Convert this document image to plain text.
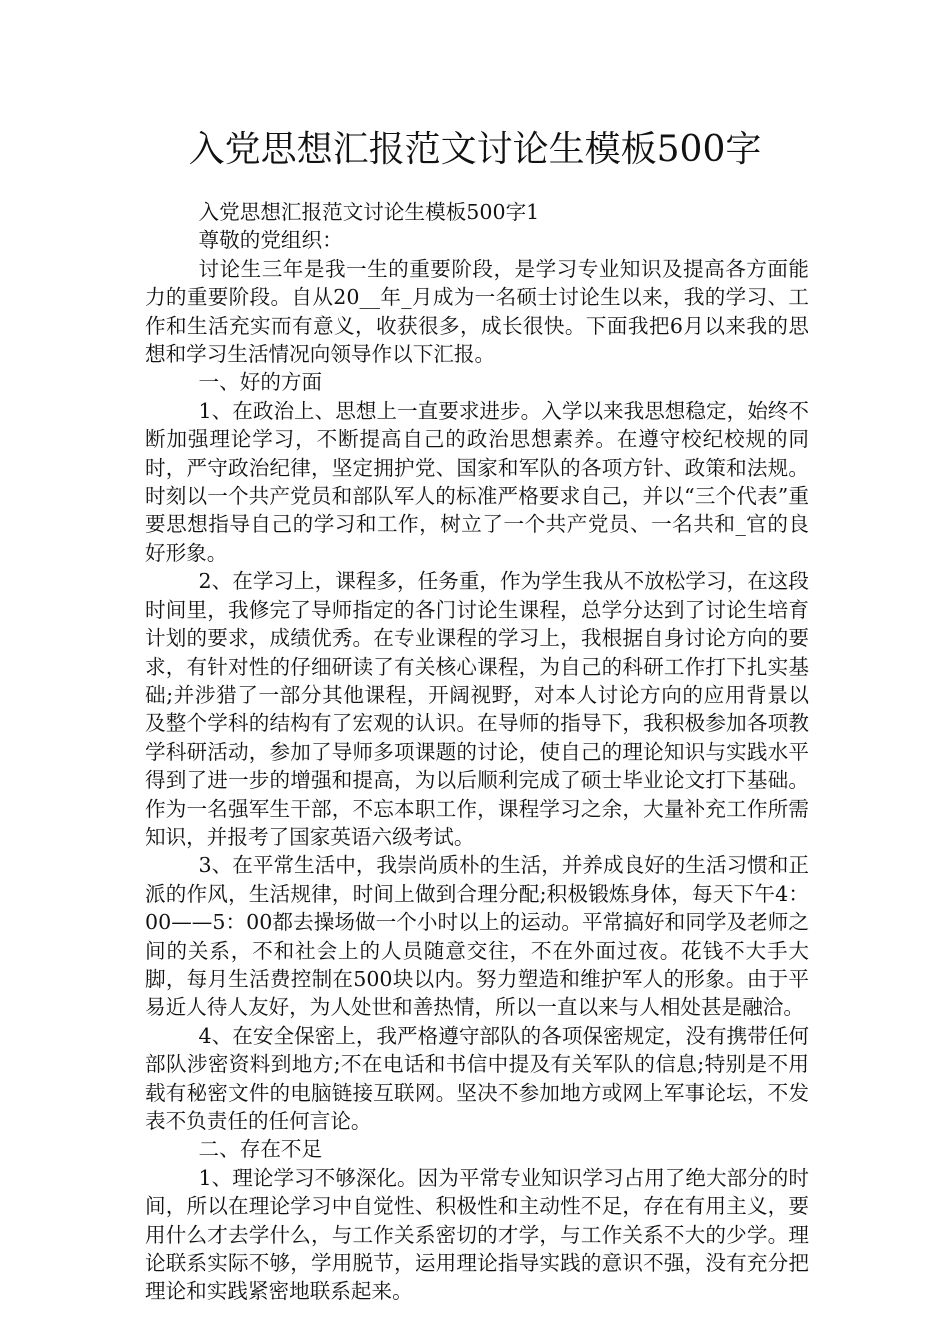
入党思想汇报范文讨论生模板500字

入党思想汇报范文讨论生模板500字1

尊敬的党组织：

讨论生三年是我一生的重要阶段，是学习专业知识及提高各方面能力的重要阶段。自从20__年_月成为一名硕士讨论生以来，我的学习、工作和生活充实而有意义，收获很多，成长很快。下面我把6月以来我的思想和学习生活情况向领导作以下汇报。

一、好的方面

1、在政治上、思想上一直要求进步。入学以来我思想稳定，始终不断加强理论学习，不断提高自己的政治思想素养。在遵守校纪校规的同时，严守政治纪律，坚定拥护党、国家和军队的各项方针、政策和法规。时刻以一个共产党员和部队军人的标准严格要求自己，并以“三个代表”重要思想指导自己的学习和工作，树立了一个共产党员、一名共和_官的良好形象。

2、在学习上，课程多，任务重，作为学生我从不放松学习，在这段时间里，我修完了导师指定的各门讨论生课程，总学分达到了讨论生培育计划的要求，成绩优秀。在专业课程的学习上，我根据自身讨论方向的要求，有针对性的仔细研读了有关核心课程，为自己的科研工作打下扎实基础;并涉猎了一部分其他课程，开阔视野，对本人讨论方向的应用背景以及整个学科的结构有了宏观的认识。在导师的指导下，我积极参加各项教学科研活动，参加了导师多项课题的讨论，使自己的理论知识与实践水平得到了进一步的增强和提高，为以后顺利完成了硕士毕业论文打下基础。作为一名强军生干部，不忘本职工作，课程学习之余，大量补充工作所需知识，并报考了国家英语六级考试。

3、在平常生活中，我崇尚质朴的生活，并养成良好的生活习惯和正派的作风，生活规律，时间上做到合理分配;积极锻炼身体，每天下午4：00——5：00都去操场做一个小时以上的运动。平常搞好和同学及老师之间的关系，不和社会上的人员随意交往，不在外面过夜。花钱不大手大脚，每月生活费控制在500块以内。努力塑造和维护军人的形象。由于平易近人待人友好，为人处世和善热情，所以一直以来与人相处甚是融洽。

4、在安全保密上，我严格遵守部队的各项保密规定，没有携带任何部队涉密资料到地方;不在电话和书信中提及有关军队的信息;特别是不用载有秘密文件的电脑链接互联网。坚决不参加地方或网上军事论坛，不发表不负责任的任何言论。

二、存在不足

1、理论学习不够深化。因为平常专业知识学习占用了绝大部分的时间，所以在理论学习中自觉性、积极性和主动性不足，存在有用主义，要用什么才去学什么，与工作关系密切的才学，与工作关系不大的少学。理论联系实际不够，学用脱节，运用理论指导实践的意识不强，没有充分把理论和实践紧密地联系起来。
